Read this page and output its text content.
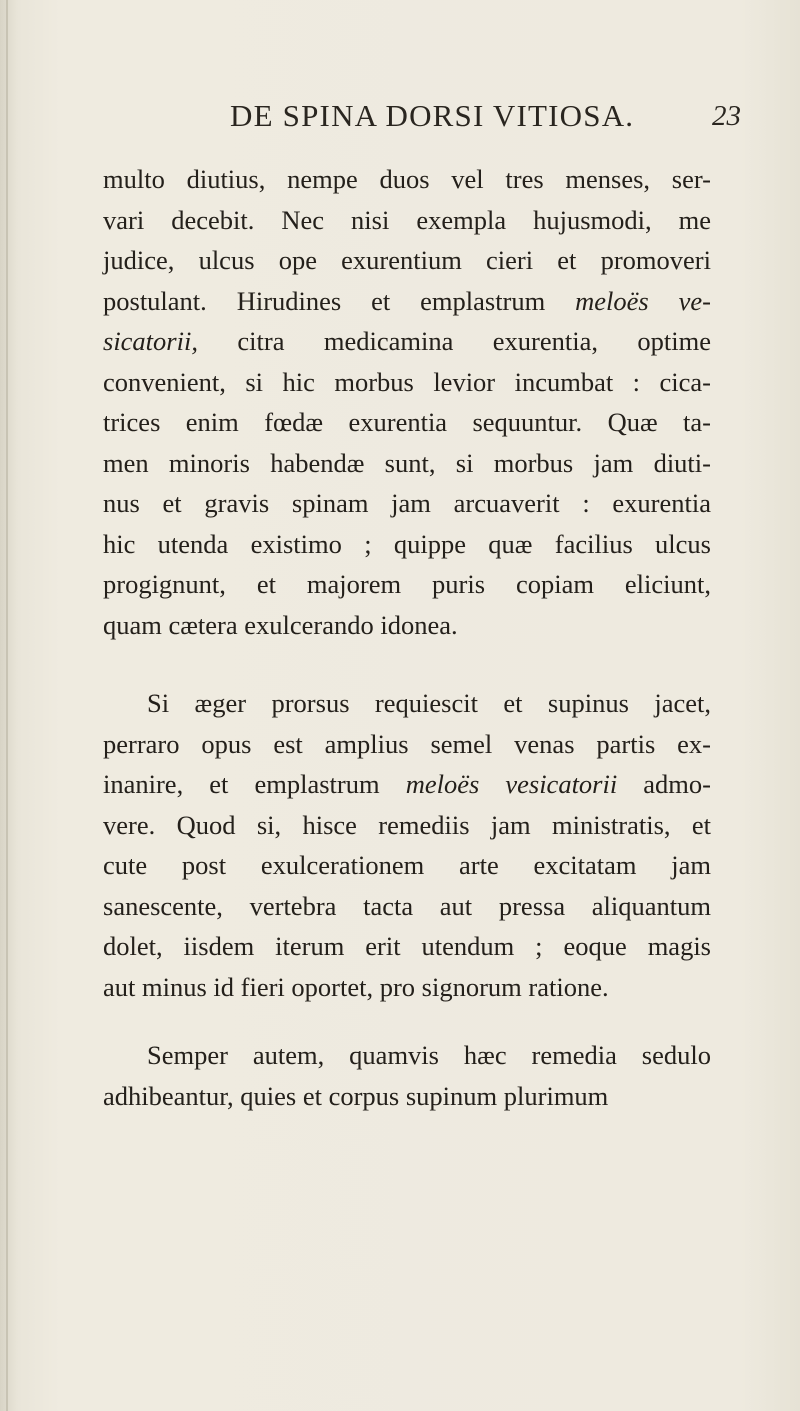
DE SPINA DORSI VITIOSA.	23
multo diutius, nempe duos vel tres menses, ser-
vari decebit. Nec nisi exempla hujusmodi, me
judice, ulcus ope exurentium cieri et promoveri
postulant. Hirudines et emplastrum meloës ve-
sicatorii, citra medicamina exurentia, optime
convenient, si hic morbus levior incumbat : cica-
trices enim fœdæ exurentia sequuntur. Quæ ta-
men minoris habendæ sunt, si morbus jam diuti-
nus et gravis spinam jam arcuaverit : exurentia
hic utenda existimo ; quippe quæ facilius ulcus
progignunt, et majorem puris copiam eliciunt,
quam cætera exulcerando idonea.
Si æger prorsus requiescit et supinus jacet,
perraro opus est amplius semel venas partis ex-
inanire, et emplastrum meloës vesicatorii admo-
vere. Quod si, hisce remediis jam ministratis, et
cute post exulcerationem arte excitatam jam
sanescente, vertebra tacta aut pressa aliquantum
dolet, iisdem iterum erit utendum ; eoque magis
aut minus id fieri oportet, pro signorum ratione.
Semper autem, quamvis hæc remedia sedulo
adhibeantur, quies et corpus supinum plurimum
